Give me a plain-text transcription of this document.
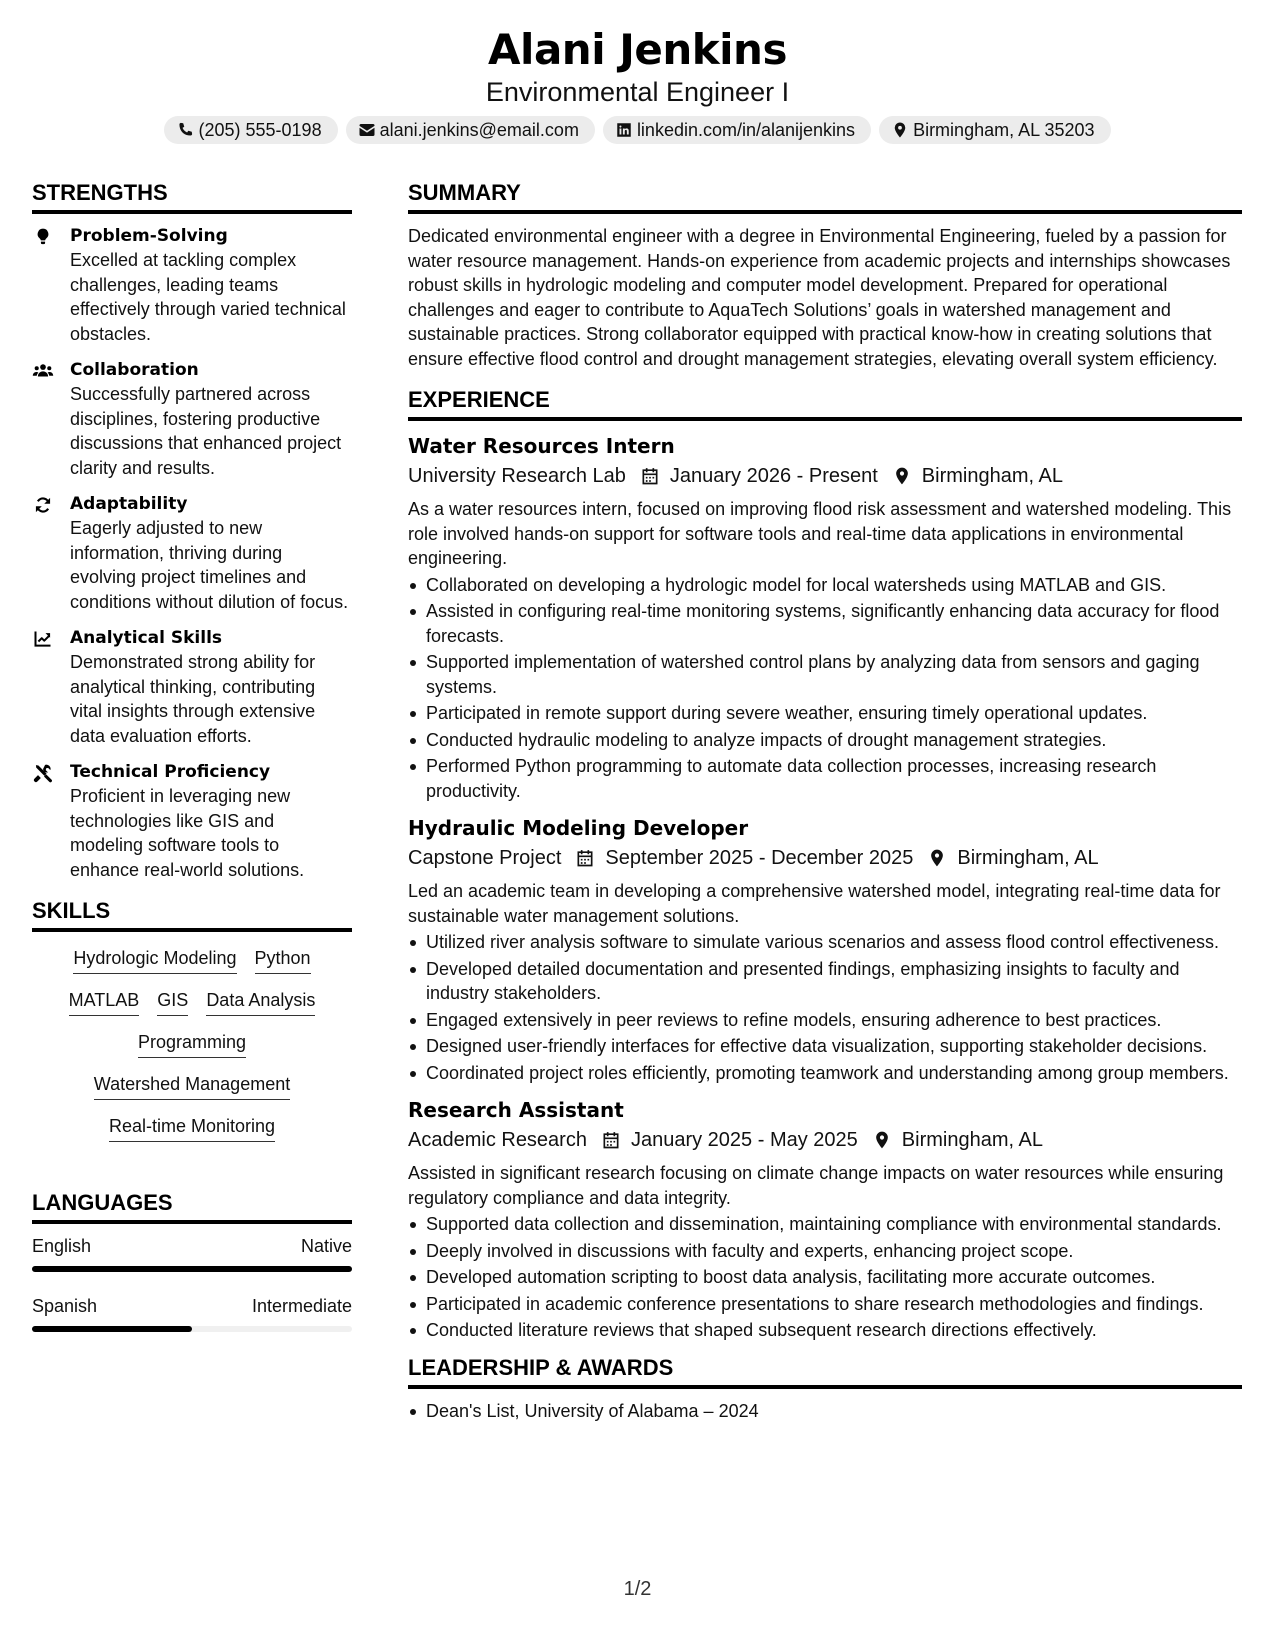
Alani Jenkins
Environmental Engineer I
(205) 555-0198	alani.jenkins@email.com	linkedin.com/in/alanijenkins	Birmingham, AL 35203
STRENGTHS
Problem-Solving
Excelled at tackling complex challenges, leading teams effectively through varied technical obstacles.
Collaboration
Successfully partnered across disciplines, fostering productive discussions that enhanced project clarity and results.
Adaptability
Eagerly adjusted to new information, thriving during evolving project timelines and conditions without dilution of focus.
Analytical Skills
Demonstrated strong ability for analytical thinking, contributing vital insights through extensive data evaluation efforts.
Technical Proficiency
Proficient in leveraging new technologies like GIS and modeling software tools to enhance real-world solutions.
SKILLS
Hydrologic Modeling Python
MATLAB GIS Data Analysis
Programming
Watershed Management
Real-time Monitoring
LANGUAGES
English	Native
Spanish	Intermediate
SUMMARY
Dedicated environmental engineer with a degree in Environmental Engineering, fueled by a passion for water resource management. Hands-on experience from academic projects and internships showcases robust skills in hydrologic modeling and computer model development. Prepared for operational challenges and eager to contribute to AquaTech Solutions’ goals in watershed management and sustainable practices. Strong collaborator equipped with practical know-how in creating solutions that ensure effective flood control and drought management strategies, elevating overall system efficiency.
EXPERIENCE
Water Resources Intern
University Research Lab January 2026 - Present Birmingham, AL
As a water resources intern, focused on improving flood risk assessment and watershed modeling. This role involved hands-on support for software tools and real-time data applications in environmental engineering.
Collaborated on developing a hydrologic model for local watersheds using MATLAB and GIS.
Assisted in configuring real-time monitoring systems, significantly enhancing data accuracy for flood forecasts.
Supported implementation of watershed control plans by analyzing data from sensors and gaging systems.
Participated in remote support during severe weather, ensuring timely operational updates.
Conducted hydraulic modeling to analyze impacts of drought management strategies.
Performed Python programming to automate data collection processes, increasing research productivity.
Hydraulic Modeling Developer
Capstone Project September 2025 - December 2025 Birmingham, AL
Led an academic team in developing a comprehensive watershed model, integrating real-time data for sustainable water management solutions.
Utilized river analysis software to simulate various scenarios and assess flood control effectiveness.
Developed detailed documentation and presented findings, emphasizing insights to faculty and industry stakeholders.
Engaged extensively in peer reviews to refine models, ensuring adherence to best practices.
Designed user-friendly interfaces for effective data visualization, supporting stakeholder decisions.
Coordinated project roles efficiently, promoting teamwork and understanding among group members.
Research Assistant
Academic Research January 2025 - May 2025 Birmingham, AL
Assisted in significant research focusing on climate change impacts on water resources while ensuring regulatory compliance and data integrity.
Supported data collection and dissemination, maintaining compliance with environmental standards.
Deeply involved in discussions with faculty and experts, enhancing project scope.
Developed automation scripting to boost data analysis, facilitating more accurate outcomes.
Participated in academic conference presentations to share research methodologies and findings.
Conducted literature reviews that shaped subsequent research directions effectively.
LEADERSHIP & AWARDS
Dean's List, University of Alabama – 2024
1/2
